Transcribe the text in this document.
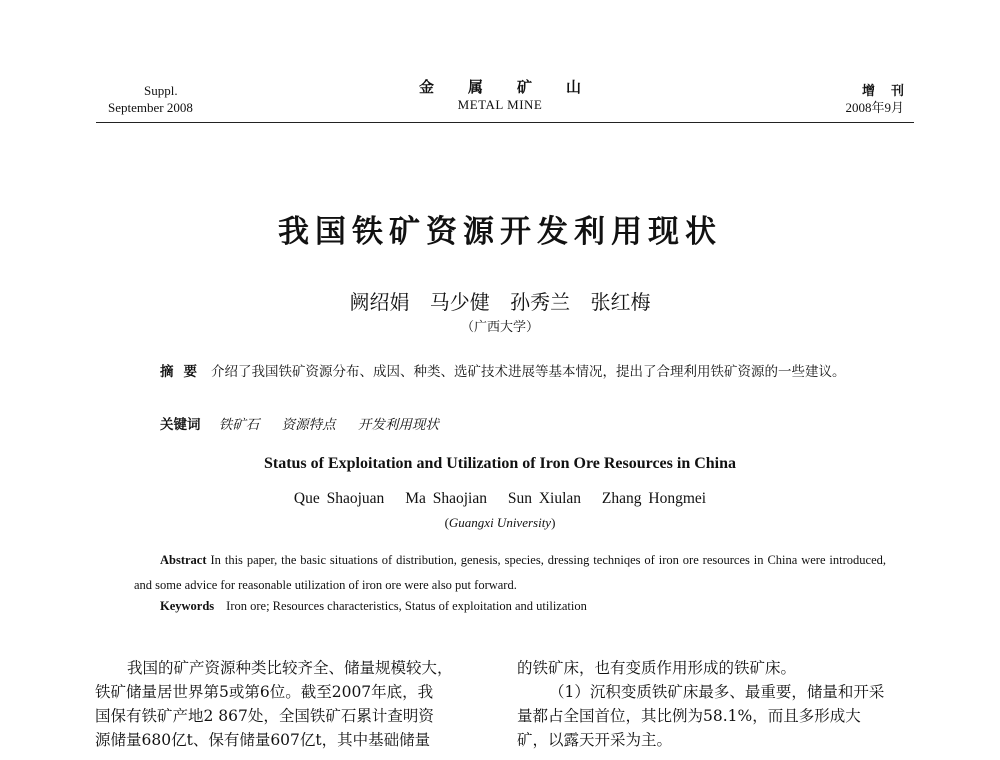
Suppl.
September 2008
金属矿山
METAL MINE
增刊
2008年9月
我国铁矿资源开发利用现状
阙绍娟 马少健 孙秀兰 张红梅
（广西大学）
摘要 介绍了我国铁矿资源分布、成因、种类、选矿技术进展等基本情况，提出了合理利用铁矿资源的一些建议。
关键词 铁矿石 资源特点 开发利用现状
Status of Exploitation and Utilization of Iron Ore Resources in China
Que Shaojuan Ma Shaojian Sun Xiulan Zhang Hongmei
(Guangxi University)
Abstract In this paper, the basic situations of distribution, genesis, species, dressing techniqes of iron ore resources in China were introduced, and some advice for reasonable utilization of iron ore were also put forward.
Keywords Iron ore; Resources characteristics, Status of exploitation and utilization

我国的矿产资源种类比较齐全、储量规模较大，

铁矿储量居世界第5或第6位。截至2007年底，我

国保有铁矿产地2 867处，全国铁矿石累计查明资

源储量680亿t、保有储量607亿t，其中基础储量

的铁矿床，也有变质作用形成的铁矿床。

（1）沉积变质铁矿床最多、最重要，储量和开采

量都占全国首位，其比例为58.1%，而且多形成大

矿，以露天开采为主。
